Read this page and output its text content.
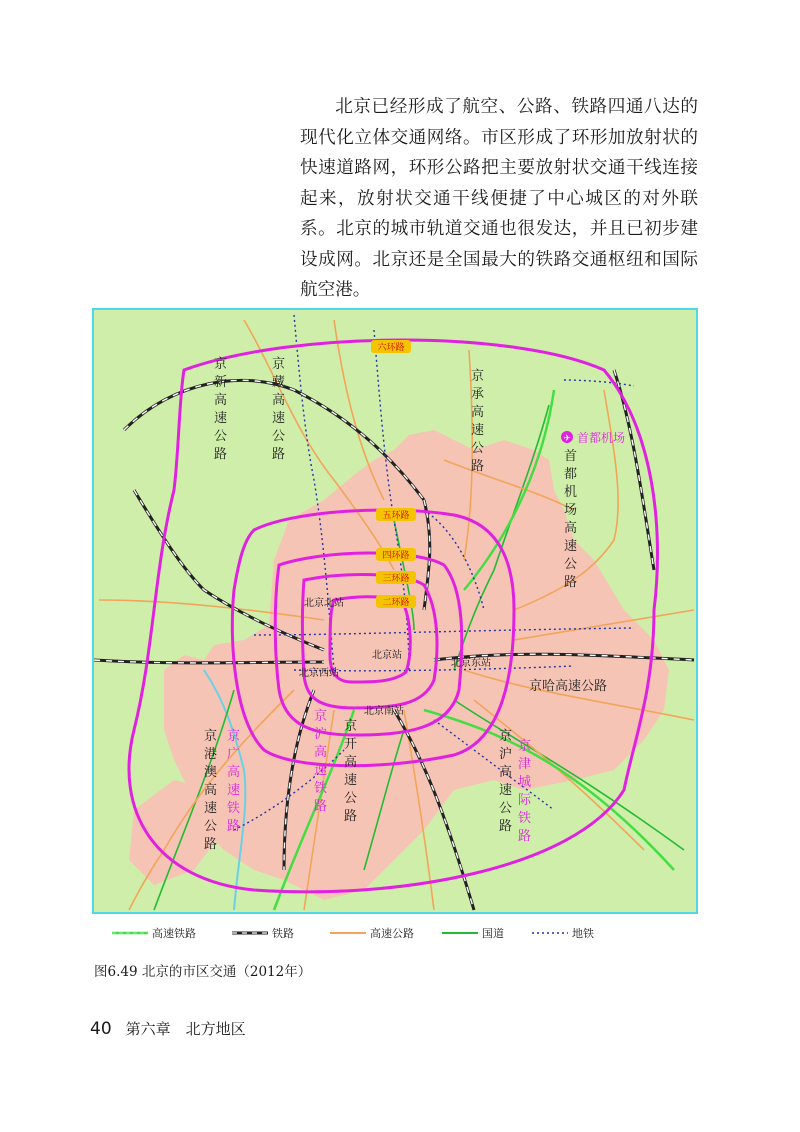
北京已经形成了航空、公路、铁路四通八达的现代化立体交通网络。市区形成了环形加放射状的快速道路网，环形公路把主要放射状交通干线连接起来，放射状交通干线便捷了中心城区的对外联系。北京的城市轨道交通也很发达，并且已初步建设成网。北京还是全国最大的铁路交通枢纽和国际航空港。

六环路
五环路
四环路
三环路
二环路
北京北站
北京站
北京东站
北京西站
北京南站
✈ 首都机场
京新高速公路
京藏高速公路
京承高速公路
首都机场高速公路
京港澳高速公路
京开高速公路
京沪高速公路
京广高速铁路
京沪高速铁路
京津城际铁路
京哈高速公路
高速铁路	铁路	高速公路	国道	地铁
图6.49 北京的市区交通（2012年）
40 第六章　北方地区
